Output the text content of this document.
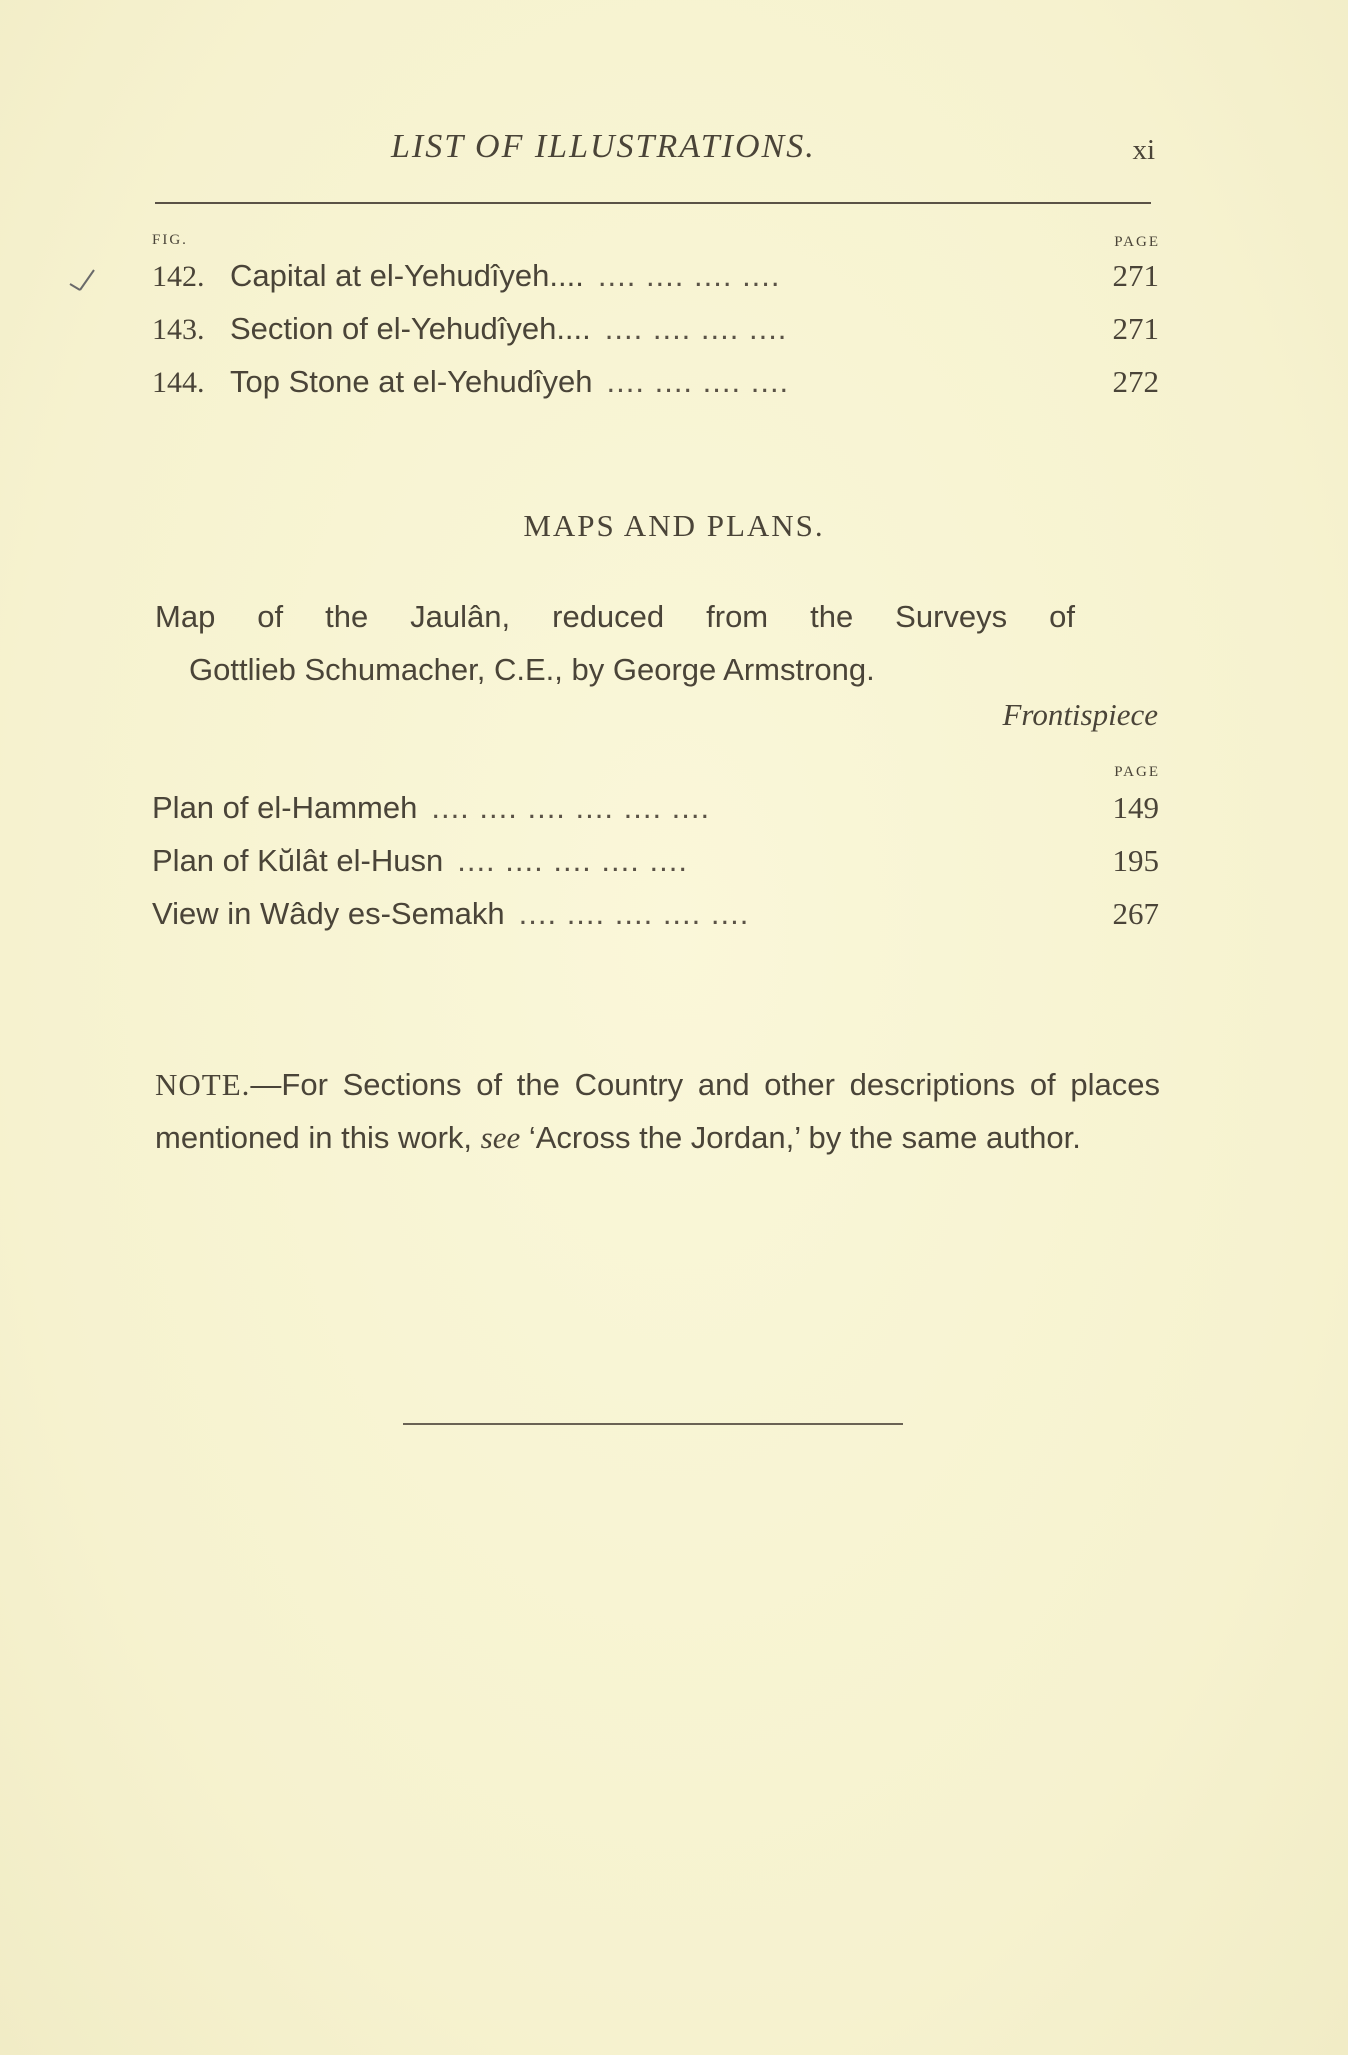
LIST OF ILLUSTRATIONS.	xi
FIG.	PAGE
142. Capital at el-Yehudîyeh.... .... .... .... ....	271
143. Section of el-Yehudîyeh.... .... .... .... ....	271
144. Top Stone at el-Yehudîyeh .... .... .... ....	272
MAPS AND PLANS.
Map of the Jaulân, reduced from the Surveys of
Gottlieb Schumacher, C.E., by George Armstrong.
Frontispiece
PAGE
Plan of el-Hammeh .... .... .... .... .... ....	149
Plan of Kŭlât el-Husn .... .... .... .... ....	195
View in Wâdy es-Semakh .... .... .... .... ....	267
NOTE.—For Sections of the Country and other descriptions of places mentioned in this work, see ‘Across the Jordan,’ by the same author.
